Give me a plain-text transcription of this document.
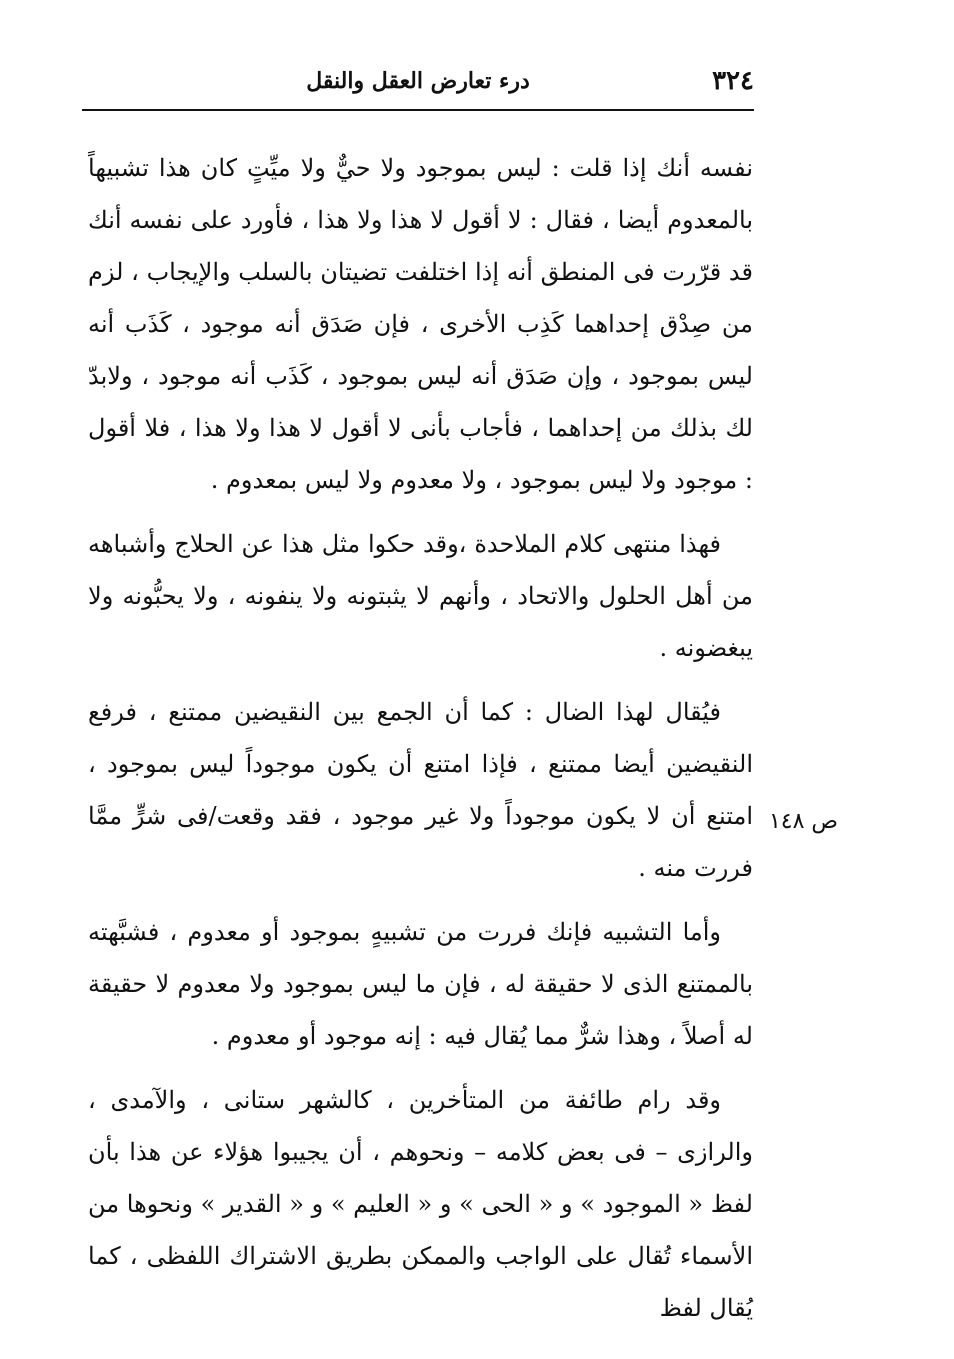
٣٢٤
درء تعارض العقل والنقل

نفسه أنك إذا قلت : ليس بموجود ولا حيٌّ ولا ميِّتٍ كان هذا تشبيهاً بالمعدوم أيضا ، فقال : لا أقول لا هذا ولا هذا ، فأورد على نفسه أنك قد قرّرت فى المنطق أنه إذا اختلفت تضيتان بالسلب والإيجاب ، لزم من صِدْق إحداهما كَذِب الأخرى ، فإن صَدَق أنه موجود ، كَذَب أنه ليس بموجود ، وإن صَدَق أنه ليس بموجود ، كَذَب أنه موجود ، ولابدّ لك بذلك من إحداهما ، فأجاب بأنى لا أقول لا هذا ولا هذا ، فلا أقول : موجود ولا ليس بموجود ، ولا معدوم ولا ليس بمعدوم .

فهذا منتهى كلام الملاحدة ،وقد حكوا مثل هذا عن الحلاج وأشباهه من أهل الحلول والاتحاد ، وأنهم لا يثبتونه ولا ينفونه ، ولا يحبُّونه ولا يبغضونه .

فيُقال لهذا الضال : كما أن الجمع بين النقيضين ممتنع ، فرفع النقيضين أيضا ممتنع ، فإذا امتنع أن يكون موجوداً ليس بموجود ، امتنع أن لا يكون موجوداً ولا غير موجود ، فقد وقعت/فى شرٍّ ممَّا فررت منه .

وأما التشبيه فإنك فررت من تشبيهٍ بموجود أو معدوم ، فشبَّهته بالممتنع الذى لا حقيقة له ، فإن ما ليس بموجود ولا معدوم لا حقيقة له أصلاً ، وهذا شرٌّ مما يُقال فيه : إنه موجود أو معدوم .

وقد رام طائفة من المتأخرين ، كالشهر ستانى ، والآمدى ، والرازى – فى بعض كلامه – ونحوهم ، أن يجيبوا هؤلاء عن هذا بأن لفظ « الموجود » و « الحى » و « العليم » و « القدير » ونحوها من الأسماء تُقال على الواجب والممكن بطريق الاشتراك اللفظى ، كما يُقال لفظ

ص ١٤٨
